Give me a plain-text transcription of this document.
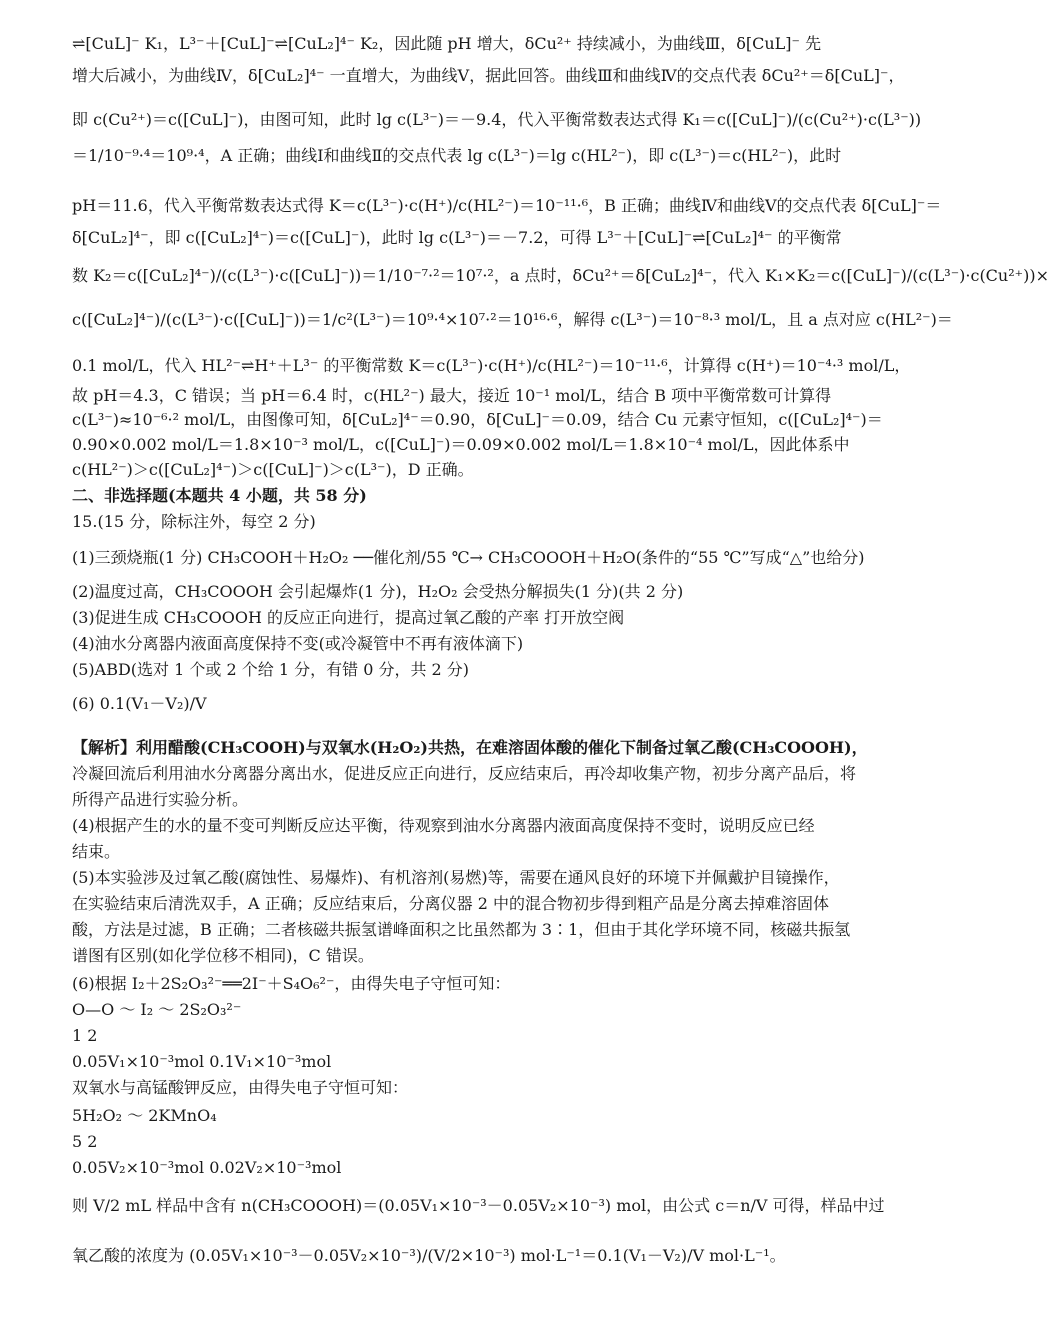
⇌[CuL]⁻ K₁，L³⁻＋[CuL]⁻⇌[CuL₂]⁴⁻ K₂，因此随 pH 增大，δCu²⁺ 持续减小，为曲线Ⅲ，δ[CuL]⁻ 先
增大后减小，为曲线Ⅳ，δ[CuL₂]⁴⁻ 一直增大，为曲线Ⅴ，据此回答。曲线Ⅲ和曲线Ⅳ的交点代表 δCu²⁺＝δ[CuL]⁻，
即 c(Cu²⁺)＝c([CuL]⁻)，由图可知，此时 lg c(L³⁻)＝－9.4，代入平衡常数表达式得 K₁＝c([CuL]⁻)/(c(Cu²⁺)·c(L³⁻))
＝1/10⁻⁹·⁴＝10⁹·⁴，A 正确；曲线Ⅰ和曲线Ⅱ的交点代表 lg c(L³⁻)＝lg c(HL²⁻)，即 c(L³⁻)＝c(HL²⁻)，此时
pH＝11.6，代入平衡常数表达式得 K＝c(L³⁻)·c(H⁺)/c(HL²⁻)＝10⁻¹¹·⁶，B 正确；曲线Ⅳ和曲线Ⅴ的交点代表 δ[CuL]⁻＝
δ[CuL₂]⁴⁻，即 c([CuL₂]⁴⁻)＝c([CuL]⁻)，此时 lg c(L³⁻)＝－7.2，可得 L³⁻＋[CuL]⁻⇌[CuL₂]⁴⁻ 的平衡常
数 K₂＝c([CuL₂]⁴⁻)/(c(L³⁻)·c([CuL]⁻))＝1/10⁻⁷·²＝10⁷·²，a 点时，δCu²⁺＝δ[CuL₂]⁴⁻，代入 K₁×K₂＝c([CuL]⁻)/(c(L³⁻)·c(Cu²⁺))×
c([CuL₂]⁴⁻)/(c(L³⁻)·c([CuL]⁻))＝1/c²(L³⁻)＝10⁹·⁴×10⁷·²＝10¹⁶·⁶，解得 c(L³⁻)＝10⁻⁸·³ mol/L，且 a 点对应 c(HL²⁻)＝
0.1 mol/L，代入 HL²⁻⇌H⁺＋L³⁻ 的平衡常数 K＝c(L³⁻)·c(H⁺)/c(HL²⁻)＝10⁻¹¹·⁶，计算得 c(H⁺)＝10⁻⁴·³ mol/L，
故 pH＝4.3，C 错误；当 pH＝6.4 时，c(HL²⁻) 最大，接近 10⁻¹ mol/L，结合 B 项中平衡常数可计算得
c(L³⁻)≈10⁻⁶·² mol/L，由图像可知，δ[CuL₂]⁴⁻＝0.90，δ[CuL]⁻＝0.09，结合 Cu 元素守恒知，c([CuL₂]⁴⁻)＝
0.90×0.002 mol/L＝1.8×10⁻³ mol/L，c([CuL]⁻)＝0.09×0.002 mol/L＝1.8×10⁻⁴ mol/L，因此体系中
c(HL²⁻)＞c([CuL₂]⁴⁻)＞c([CuL]⁻)＞c(L³⁻)，D 正确。
二、非选择题(本题共 4 小题，共 58 分)
15.(15 分，除标注外，每空 2 分)
(1)三颈烧瓶(1 分) CH₃COOH＋H₂O₂ ──催化剂/55 ℃→ CH₃COOOH＋H₂O(条件的“55 ℃”写成“△”也给分)
(2)温度过高，CH₃COOOH 会引起爆炸(1 分)，H₂O₂ 会受热分解损失(1 分)(共 2 分)
(3)促进生成 CH₃COOOH 的反应正向进行，提高过氧乙酸的产率 打开放空阀
(4)油水分离器内液面高度保持不变(或冷凝管中不再有液体滴下)
(5)ABD(选对 1 个或 2 个给 1 分，有错 0 分，共 2 分)
(6) 0.1(V₁－V₂)/V
【解析】利用醋酸(CH₃COOH)与双氧水(H₂O₂)共热，在难溶固体酸的催化下制备过氧乙酸(CH₃COOOH)，
冷凝回流后利用油水分离器分离出水，促进反应正向进行，反应结束后，再冷却收集产物，初步分离产品后，将
所得产品进行实验分析。
(4)根据产生的水的量不变可判断反应达平衡，待观察到油水分离器内液面高度保持不变时，说明反应已经
结束。
(5)本实验涉及过氧乙酸(腐蚀性、易爆炸)、有机溶剂(易燃)等，需要在通风良好的环境下并佩戴护目镜操作，
在实验结束后清洗双手，A 正确；反应结束后，分离仪器 2 中的混合物初步得到粗产品是分离去掉难溶固体
酸，方法是过滤，B 正确；二者核磁共振氢谱峰面积之比虽然都为 3∶1，但由于其化学环境不同，核磁共振氢
谱图有区别(如化学位移不相同)，C 错误。
(6)根据 I₂＋2S₂O₃²⁻══2I⁻＋S₄O₆²⁻，由得失电子守恒可知：
O—O ～ I₂ ～ 2S₂O₃²⁻
1 2
0.05V₁×10⁻³mol 0.1V₁×10⁻³mol
双氧水与高锰酸钾反应，由得失电子守恒可知：
5H₂O₂ ～ 2KMnO₄
5 2
0.05V₂×10⁻³mol 0.02V₂×10⁻³mol
则 V/2 mL 样品中含有 n(CH₃COOOH)＝(0.05V₁×10⁻³－0.05V₂×10⁻³) mol，由公式 c＝n/V 可得，样品中过
氧乙酸的浓度为 (0.05V₁×10⁻³－0.05V₂×10⁻³)/(V/2×10⁻³) mol·L⁻¹＝0.1(V₁－V₂)/V mol·L⁻¹。
